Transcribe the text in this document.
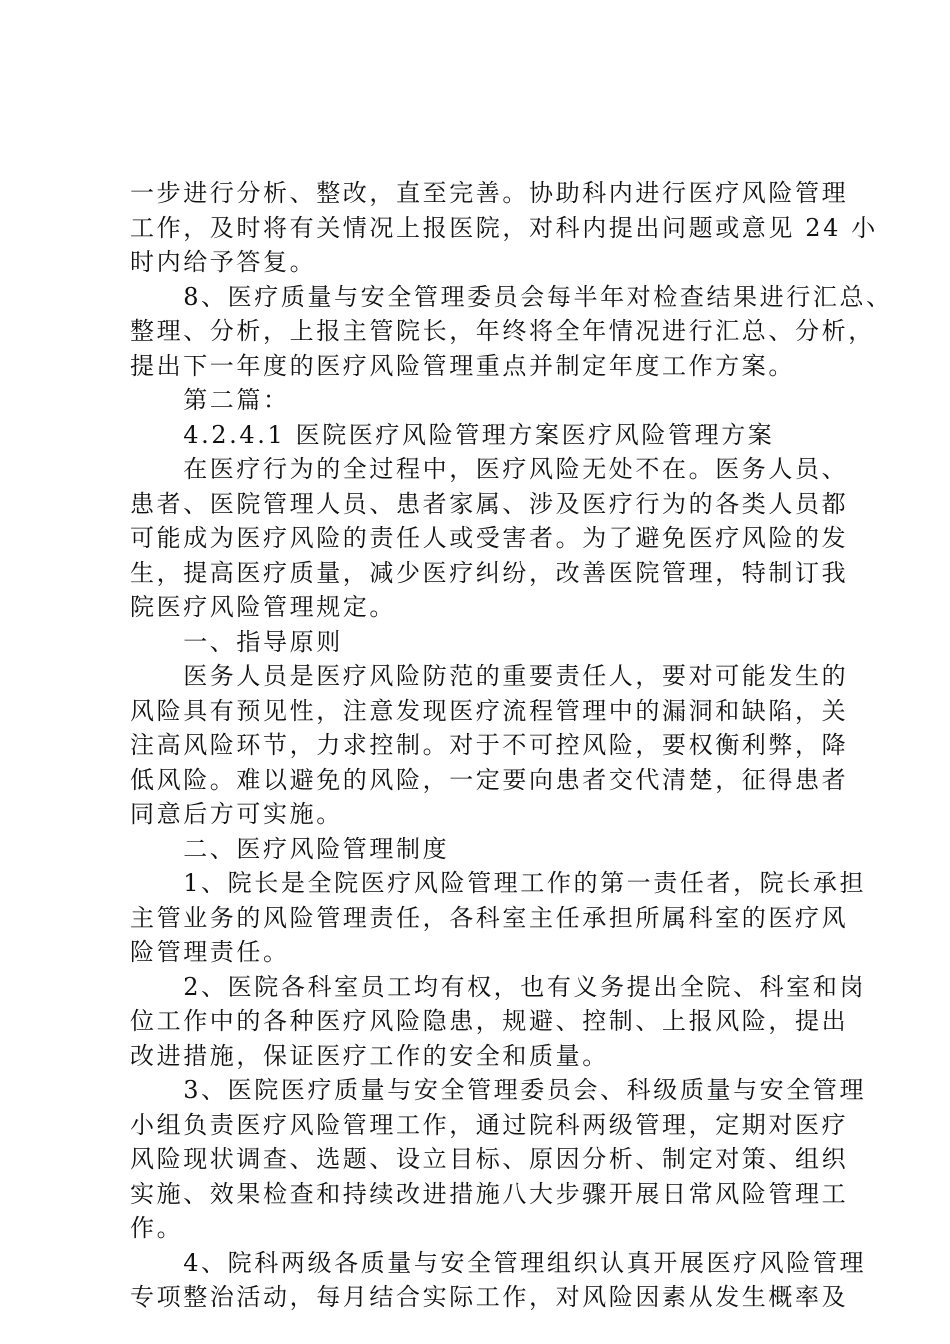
一步进行分析、整改，直至完善。协助科内进行医疗风险管理
工作，及时将有关情况上报医院，对科内提出问题或意见 24 小
时内给予答复。
　　8、医疗质量与安全管理委员会每半年对检查结果进行汇总、
整理、分析，上报主管院长，年终将全年情况进行汇总、分析，
提出下一年度的医疗风险管理重点并制定年度工作方案。
　　第二篇：
　　4.2.4.1 医院医疗风险管理方案医疗风险管理方案
　　在医疗行为的全过程中，医疗风险无处不在。医务人员、
患者、医院管理人员、患者家属、涉及医疗行为的各类人员都
可能成为医疗风险的责任人或受害者。为了避免医疗风险的发
生，提高医疗质量，减少医疗纠纷，改善医院管理，特制订我
院医疗风险管理规定。
　　一、指导原则
　　医务人员是医疗风险防范的重要责任人，要对可能发生的
风险具有预见性，注意发现医疗流程管理中的漏洞和缺陷，关
注高风险环节，力求控制。对于不可控风险，要权衡利弊，降
低风险。难以避免的风险，一定要向患者交代清楚，征得患者
同意后方可实施。
　　二、医疗风险管理制度
　　1、院长是全院医疗风险管理工作的第一责任者，院长承担
主管业务的风险管理责任，各科室主任承担所属科室的医疗风
险管理责任。
　　2、医院各科室员工均有权，也有义务提出全院、科室和岗
位工作中的各种医疗风险隐患，规避、控制、上报风险，提出
改进措施，保证医疗工作的安全和质量。
　　3、医院医疗质量与安全管理委员会、科级质量与安全管理
小组负责医疗风险管理工作，通过院科两级管理，定期对医疗
风险现状调查、选题、设立目标、原因分析、制定对策、组织
实施、效果检查和持续改进措施八大步骤开展日常风险管理工
作。
　　4、院科两级各质量与安全管理组织认真开展医疗风险管理
专项整治活动，每月结合实际工作，对风险因素从发生概率及
